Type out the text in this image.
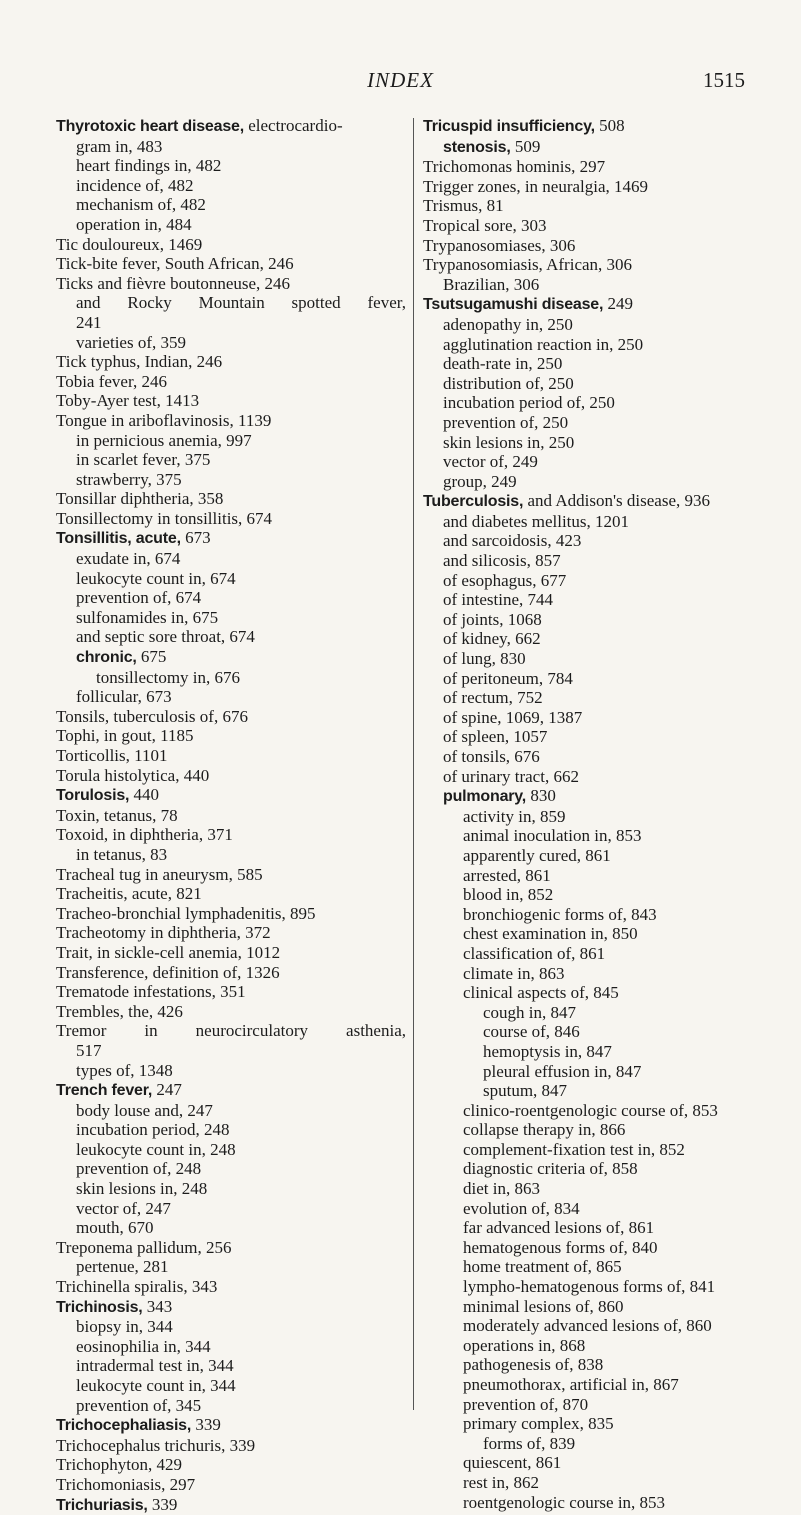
INDEX	1515
Thyrotoxic heart disease, electrocardio-
gram in, 483
heart findings in, 482
incidence of, 482
mechanism of, 482
operation in, 484
Tic douloureux, 1469
Tick-bite fever, South African, 246
Ticks and fièvre boutonneuse, 246
and Rocky Mountain spotted fever,
241
varieties of, 359
Tick typhus, Indian, 246
Tobia fever, 246
Toby-Ayer test, 1413
Tongue in ariboflavinosis, 1139
in pernicious anemia, 997
in scarlet fever, 375
strawberry, 375
Tonsillar diphtheria, 358
Tonsillectomy in tonsillitis, 674
Tonsillitis, acute, 673
exudate in, 674
leukocyte count in, 674
prevention of, 674
sulfonamides in, 675
and septic sore throat, 674
chronic, 675
tonsillectomy in, 676
follicular, 673
Tonsils, tuberculosis of, 676
Tophi, in gout, 1185
Torticollis, 1101
Torula histolytica, 440
Torulosis, 440
Toxin, tetanus, 78
Toxoid, in diphtheria, 371
in tetanus, 83
Tracheal tug in aneurysm, 585
Tracheitis, acute, 821
Tracheo-bronchial lymphadenitis, 895
Tracheotomy in diphtheria, 372
Trait, in sickle-cell anemia, 1012
Transference, definition of, 1326
Trematode infestations, 351
Trembles, the, 426
Tremor in neurocirculatory asthenia,
517
types of, 1348
Trench fever, 247
body louse and, 247
incubation period, 248
leukocyte count in, 248
prevention of, 248
skin lesions in, 248
vector of, 247
mouth, 670
Treponema pallidum, 256
pertenue, 281
Trichinella spiralis, 343
Trichinosis, 343
biopsy in, 344
eosinophilia in, 344
intradermal test in, 344
leukocyte count in, 344
prevention of, 345
Trichocephaliasis, 339
Trichocephalus trichuris, 339
Trichophyton, 429
Trichomoniasis, 297
Trichuriasis, 339
Tricuspid insufficiency, 508
stenosis, 509
Trichomonas hominis, 297
Trigger zones, in neuralgia, 1469
Trismus, 81
Tropical sore, 303
Trypanosomiases, 306
Trypanosomiasis, African, 306
Brazilian, 306
Tsutsugamushi disease, 249
adenopathy in, 250
agglutination reaction in, 250
death-rate in, 250
distribution of, 250
incubation period of, 250
prevention of, 250
skin lesions in, 250
vector of, 249
group, 249
Tuberculosis, and Addison's disease, 936
and diabetes mellitus, 1201
and sarcoidosis, 423
and silicosis, 857
of esophagus, 677
of intestine, 744
of joints, 1068
of kidney, 662
of lung, 830
of peritoneum, 784
of rectum, 752
of spine, 1069, 1387
of spleen, 1057
of tonsils, 676
of urinary tract, 662
pulmonary, 830
activity in, 859
animal inoculation in, 853
apparently cured, 861
arrested, 861
blood in, 852
bronchiogenic forms of, 843
chest examination in, 850
classification of, 861
climate in, 863
clinical aspects of, 845
cough in, 847
course of, 846
hemoptysis in, 847
pleural effusion in, 847
sputum, 847
clinico-roentgenologic course of, 853
collapse therapy in, 866
complement-fixation test in, 852
diagnostic criteria of, 858
diet in, 863
evolution of, 834
far advanced lesions of, 861
hematogenous forms of, 840
home treatment of, 865
lympho-hematogenous forms of, 841
minimal lesions of, 860
moderately advanced lesions of, 860
operations in, 868
pathogenesis of, 838
pneumothorax, artificial in, 867
prevention of, 870
primary complex, 835
forms of, 839
quiescent, 861
rest in, 862
roentgenologic course in, 853
